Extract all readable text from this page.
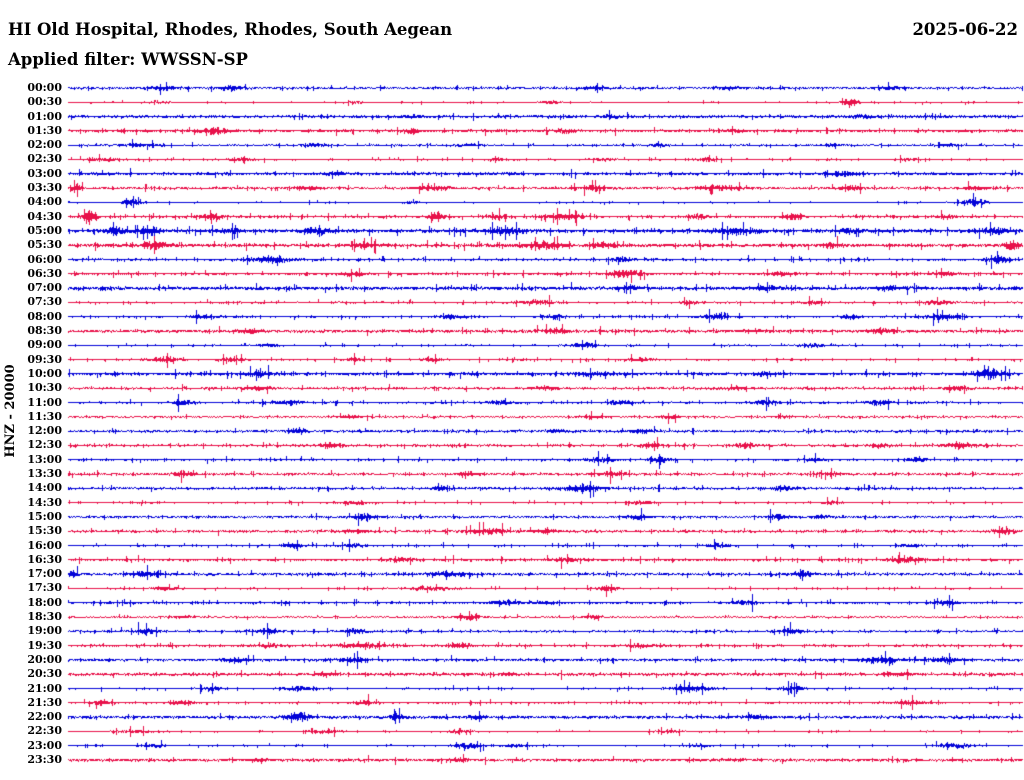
HI Old Hospital, Rhodes, Rhodes, South Aegean	2025-06-22
Applied filter: WWSSN-SP
HNZ - 20000
00:00
00:30
01:00
01:30
02:00
02:30
03:00
03:30
04:00
04:30
05:00
05:30
06:00
06:30
07:00
07:30
08:00
08:30
09:00
09:30
10:00
10:30
11:00
11:30
12:00
12:30
13:00
13:30
14:00
14:30
15:00
15:30
16:00
16:30
17:00
17:30
18:00
18:30
19:00
19:30
20:00
20:30
21:00
21:30
22:00
22:30
23:00
23:30
